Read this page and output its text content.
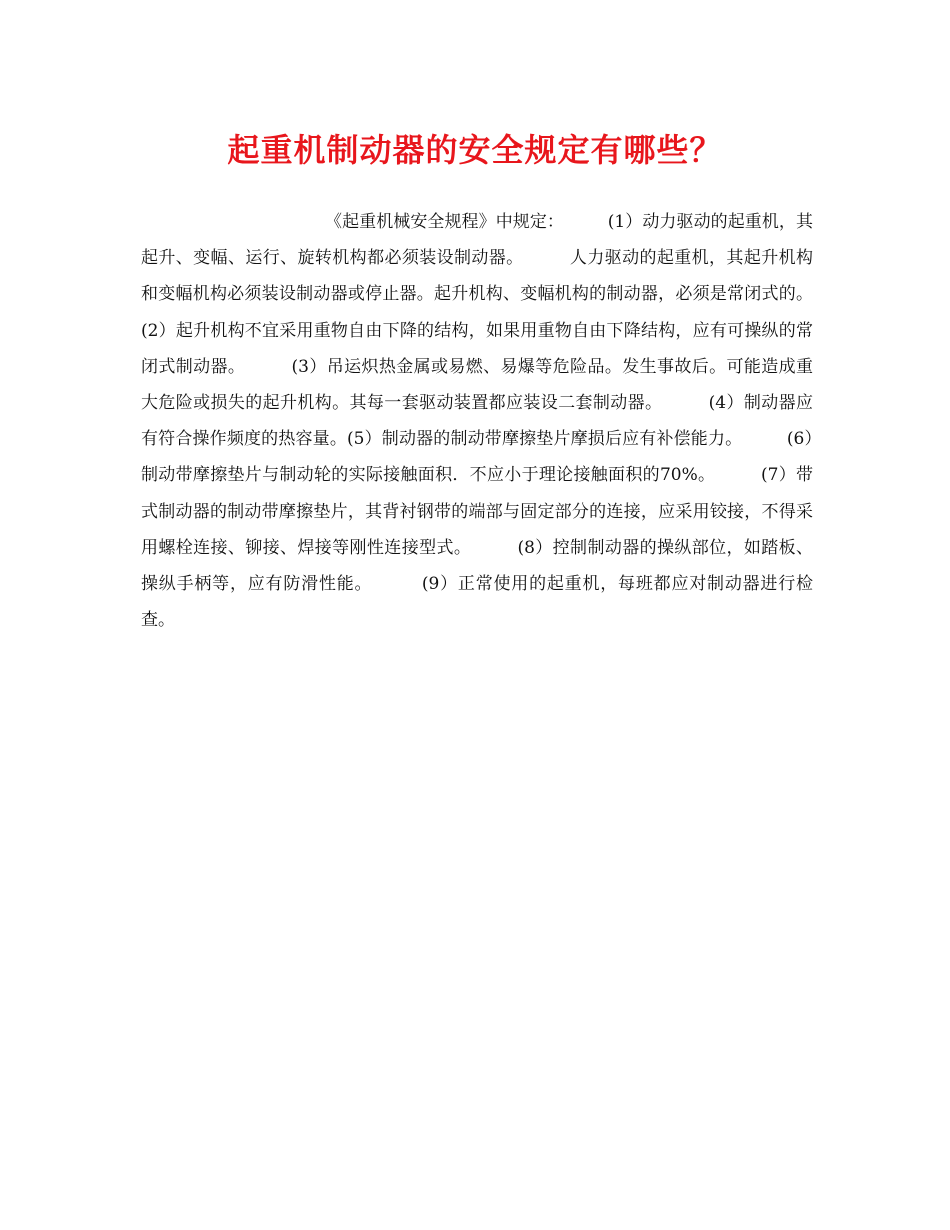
起重机制动器的安全规定有哪些？

《起重机械安全规程》中规定：        (1）动力驱动的起重机，其起升、变幅、运行、旋转机构都必须装设制动器。        人力驱动的起重机，其起升机构和变幅机构必须装设制动器或停止器。起升机构、变幅机构的制动器，必须是常闭式的。        (2）起升机构不宜采用重物自由下降的结构，如果用重物自由下降结构，应有可操纵的常闭式制动器。        (3）吊运炽热金属或易燃、易爆等危险品。发生事故后。可能造成重大危险或损失的起升机构。其每一套驱动装置都应装设二套制动器。        (4）制动器应有符合操作频度的热容量。(5）制动器的制动带摩擦垫片摩损后应有补偿能力。        (6）制动带摩擦垫片与制动轮的实际接触面积．不应小于理论接触面积的70%。        (7）带式制动器的制动带摩擦垫片，其背衬钢带的端部与固定部分的连接，应采用铰接，不得采用螺栓连接、铆接、焊接等刚性连接型式。        (8）控制制动器的操纵部位，如踏板、操纵手柄等，应有防滑性能。        (9）正常使用的起重机，每班都应对制动器进行检查。
